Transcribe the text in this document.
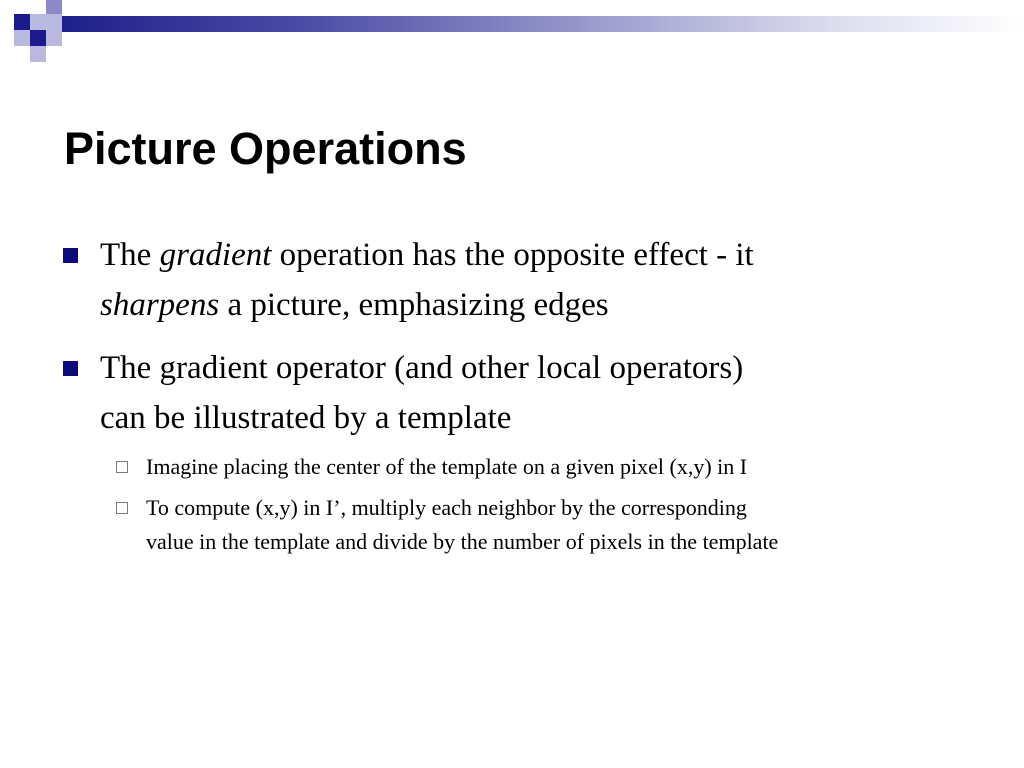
Picture Operations
The gradient operation has the opposite effect - it
sharpens a picture, emphasizing edges
The gradient operator (and other local operators)
can be illustrated by a template
Imagine placing the center of the template on a given pixel (x,y) in I
To compute (x,y) in I’, multiply each neighbor by the corresponding
value in the template and divide by the number of pixels in the template
